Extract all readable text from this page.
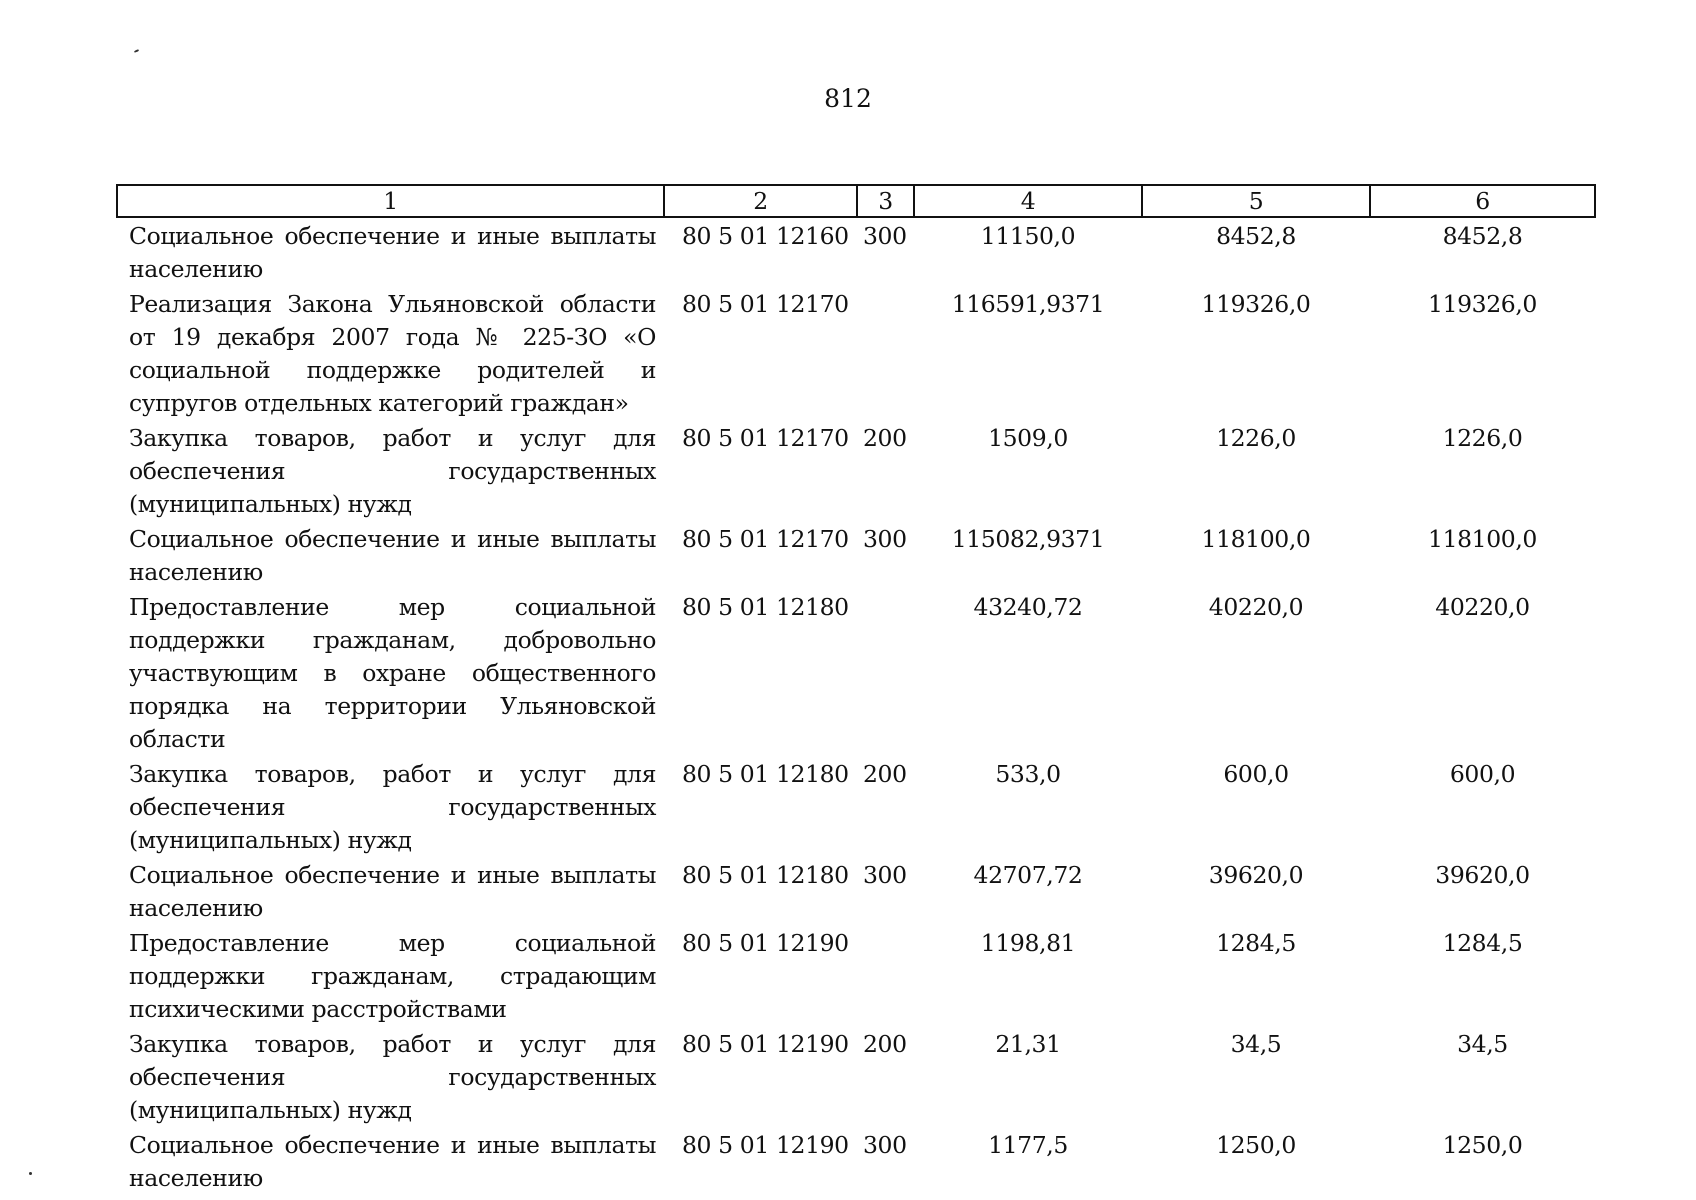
812
1	2	3	4	5	6
Социальное обеспечение и иные выплаты населению	80 5 01 12160	300	11150,0	8452,8	8452,8
Реализация Закона Ульяновской области от 19 декабря 2007 года № 225-ЗО «О социальной поддержке родителей и супругов отдельных категорий граждан»	80 5 01 12170		116591,9371	119326,0	119326,0
Закупка товаров, работ и услуг для обеспечения государственных (муниципальных) нужд	80 5 01 12170	200	1509,0	1226,0	1226,0
Социальное обеспечение и иные выплаты населению	80 5 01 12170	300	115082,9371	118100,0	118100,0
Предоставление мер социальной поддержки гражданам, добровольно участвующим в охране общественного порядка на территории Ульяновской области	80 5 01 12180		43240,72	40220,0	40220,0
Закупка товаров, работ и услуг для обеспечения государственных (муниципальных) нужд	80 5 01 12180	200	533,0	600,0	600,0
Социальное обеспечение и иные выплаты населению	80 5 01 12180	300	42707,72	39620,0	39620,0
Предоставление мер социальной поддержки гражданам, страдающим психическими расстройствами	80 5 01 12190		1198,81	1284,5	1284,5
Закупка товаров, работ и услуг для обеспечения государственных (муниципальных) нужд	80 5 01 12190	200	21,31	34,5	34,5
Социальное обеспечение и иные выплаты населению	80 5 01 12190	300	1177,5	1250,0	1250,0
